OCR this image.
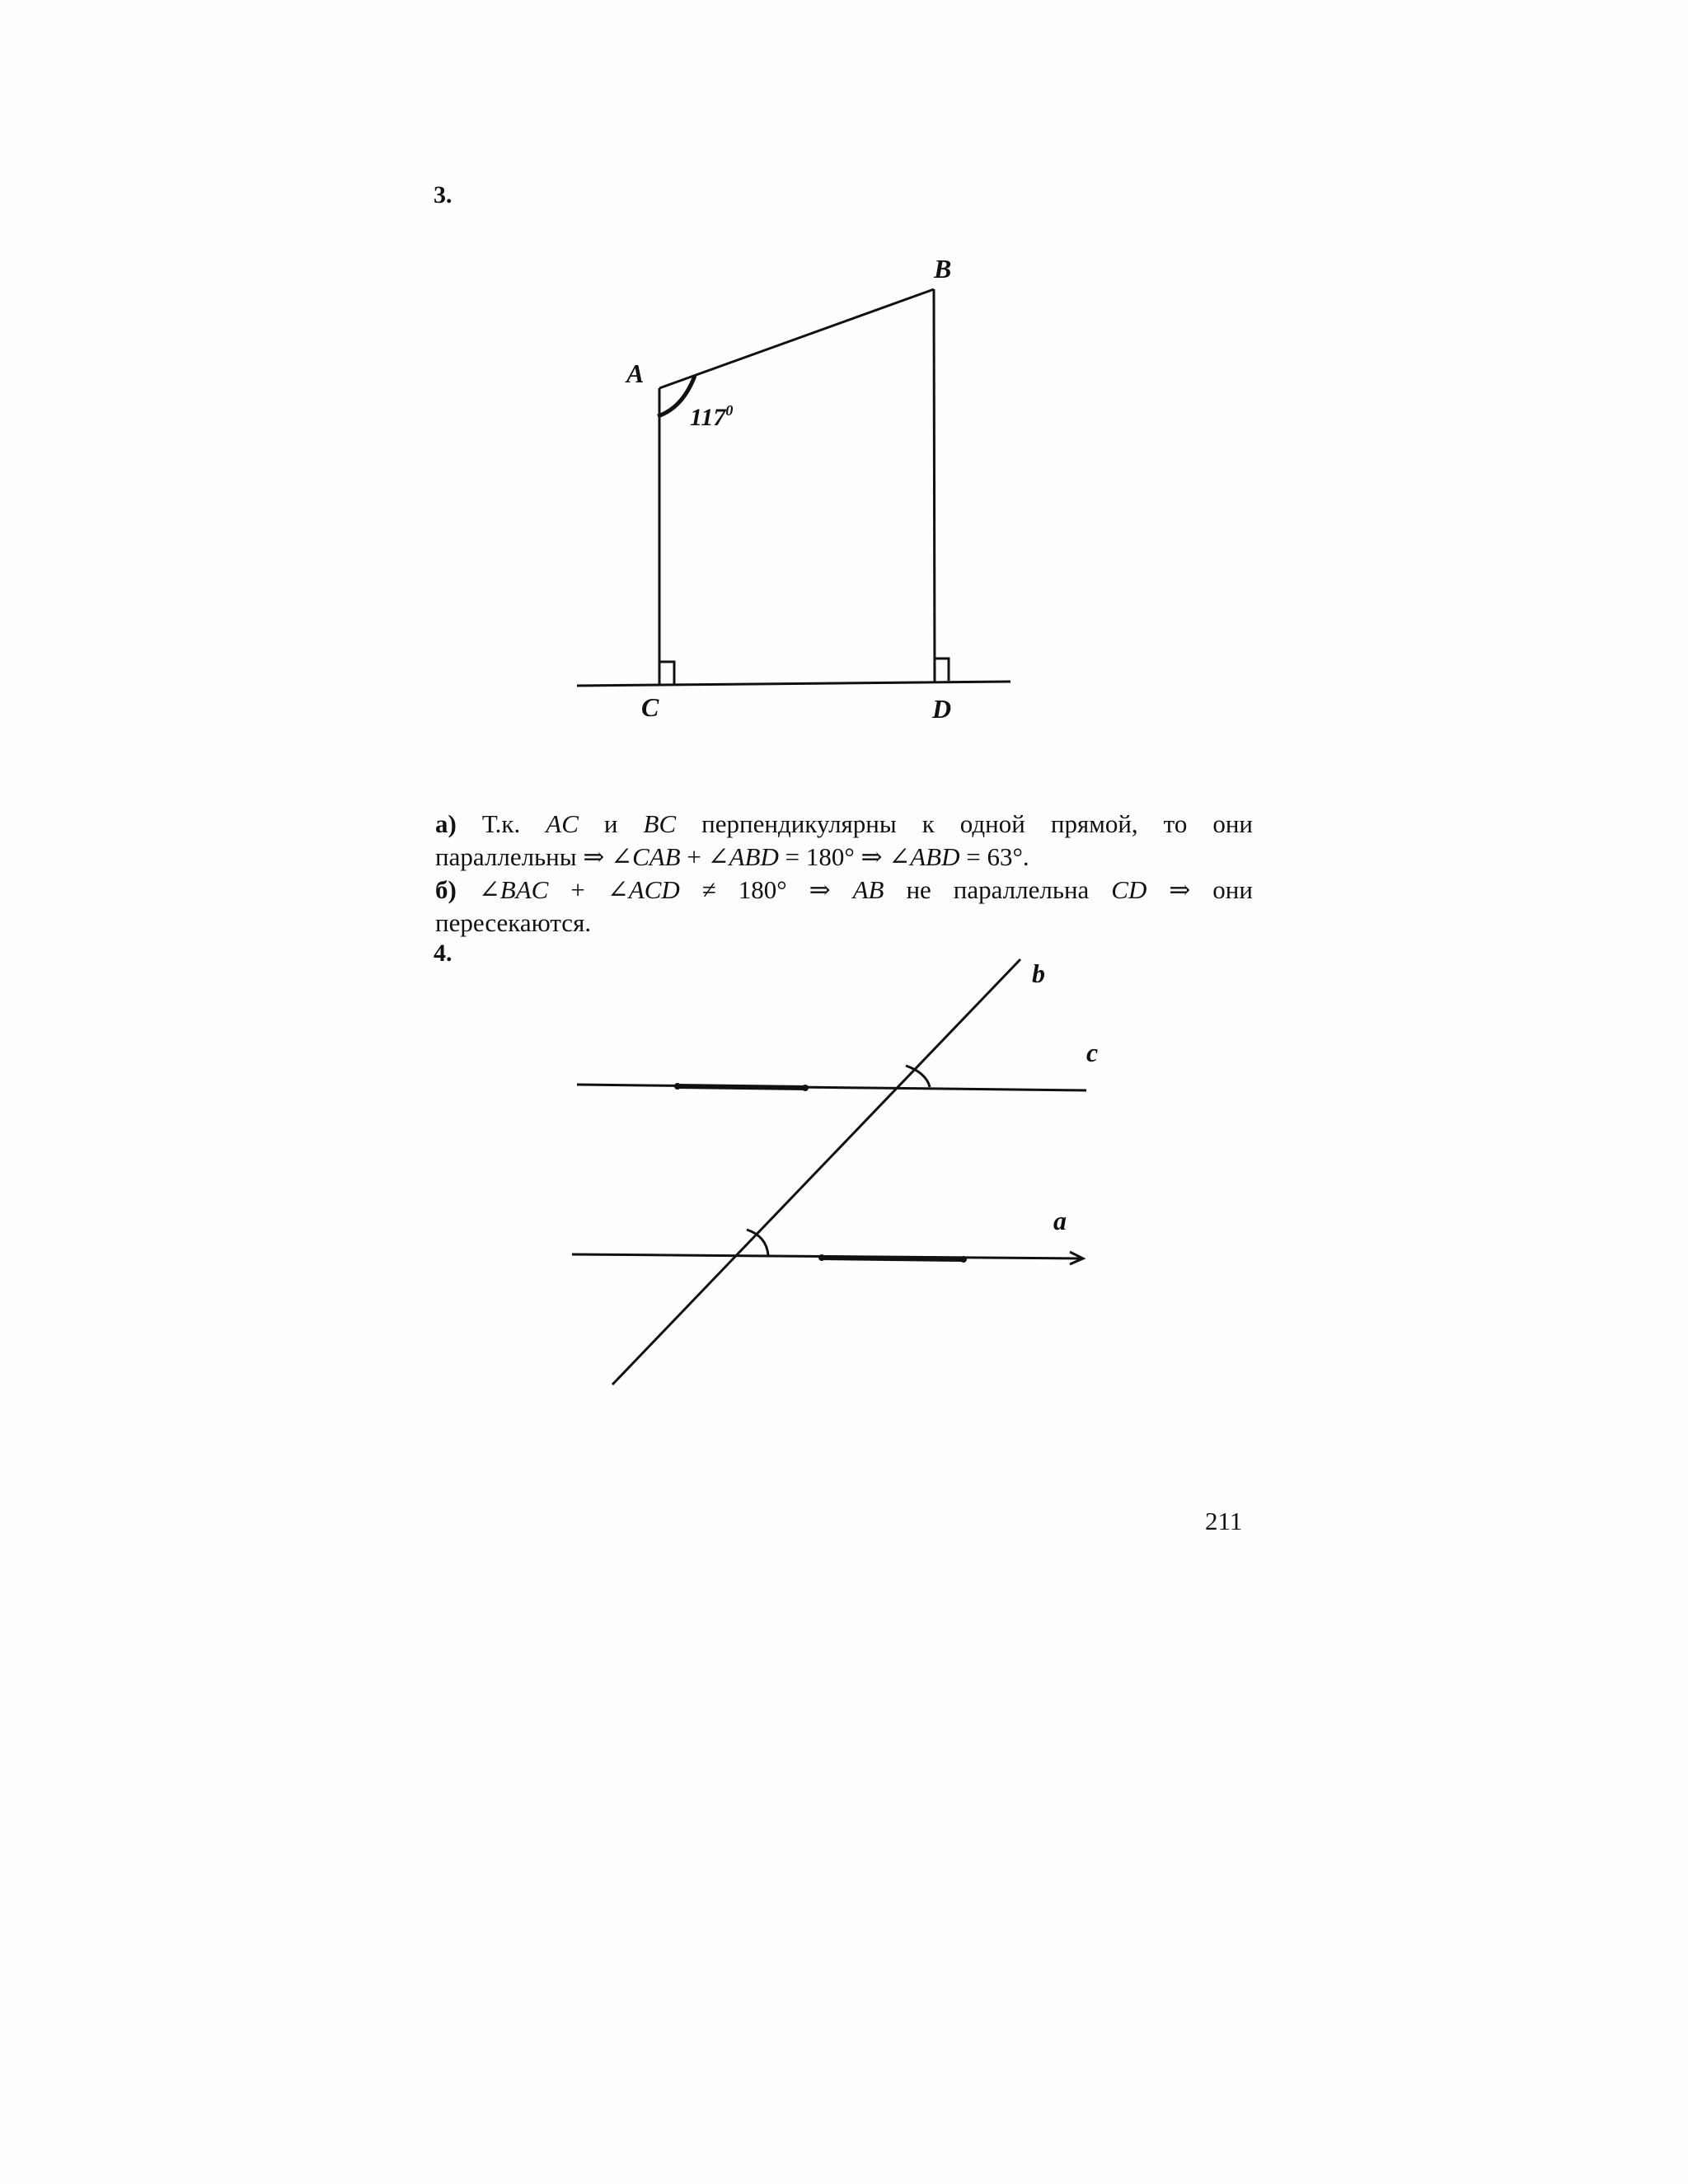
3.
A
B
C	D
$117^0$
а) Т.к. AC и BC перпендикулярны к одной прямой, то они
параллельны ⇒ ∠CAB + ∠ABD = 180° ⇒ ∠ABD = 63°.
б) ∠BAC + ∠ACD ≠ 180° ⇒ AB не параллельна CD ⇒ они
пересекаются.
4.
b
c
a
211
